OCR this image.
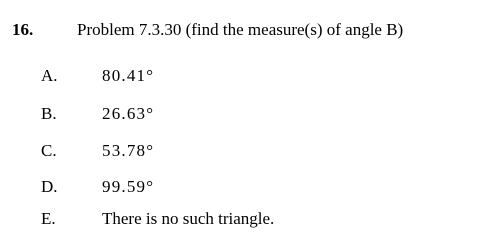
16.	Problem 7.3.30 (find the measure(s) of angle B)
A.	80.41°
B.	26.63°
C.	53.78°
D.	99.59°
E.	There is no such triangle.
